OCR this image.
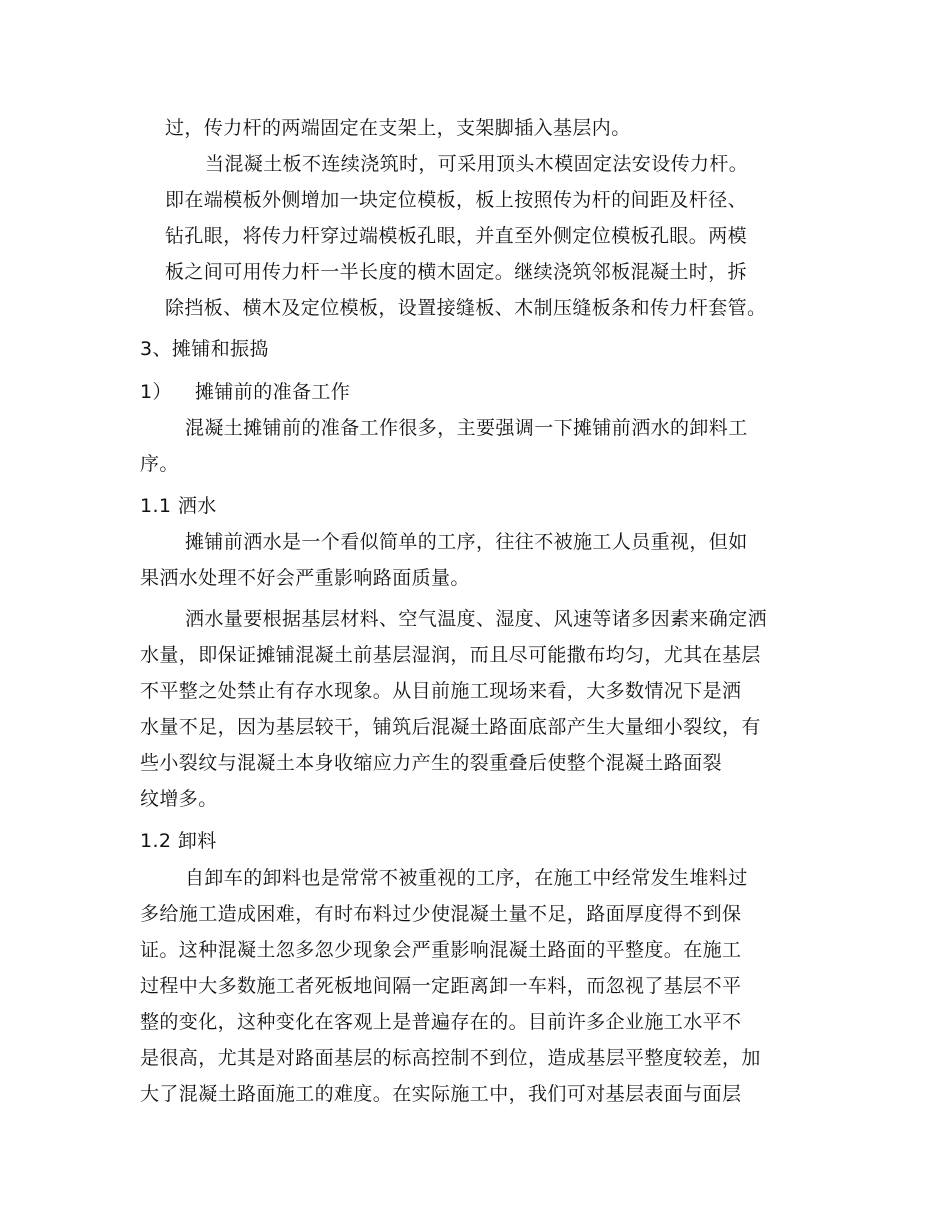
过，传力杆的两端固定在支架上，支架脚插入基层内。
当混凝土板不连续浇筑时，可采用顶头木模固定法安设传力杆。
即在端模板外侧增加一块定位模板，板上按照传为杆的间距及杆径、
钻孔眼，将传力杆穿过端模板孔眼，并直至外侧定位模板孔眼。两模
板之间可用传力杆一半长度的横木固定。继续浇筑邻板混凝土时，拆
除挡板、横木及定位模板，设置接缝板、木制压缝板条和传力杆套管。
3、摊铺和振捣
1） 摊铺前的准备工作
混凝土摊铺前的准备工作很多，主要强调一下摊铺前洒水的卸料工
序。
1.1 洒水
摊铺前洒水是一个看似简单的工序，往往不被施工人员重视，但如
果洒水处理不好会严重影响路面质量。
洒水量要根据基层材料、空气温度、湿度、风速等诸多因素来确定洒
水量，即保证摊铺混凝土前基层湿润，而且尽可能撒布均匀，尤其在基层
不平整之处禁止有存水现象。从目前施工现场来看，大多数情况下是洒
水量不足，因为基层较干，铺筑后混凝土路面底部产生大量细小裂纹，有
些小裂纹与混凝土本身收缩应力产生的裂重叠后使整个混凝土路面裂
纹增多。
1.2 卸料
自卸车的卸料也是常常不被重视的工序，在施工中经常发生堆料过
多给施工造成困难，有时布料过少使混凝土量不足，路面厚度得不到保
证。这种混凝土忽多忽少现象会严重影响混凝土路面的平整度。在施工
过程中大多数施工者死板地间隔一定距离卸一车料，而忽视了基层不平
整的变化，这种变化在客观上是普遍存在的。目前许多企业施工水平不
是很高，尤其是对路面基层的标高控制不到位，造成基层平整度较差，加
大了混凝土路面施工的难度。在实际施工中，我们可对基层表面与面层
